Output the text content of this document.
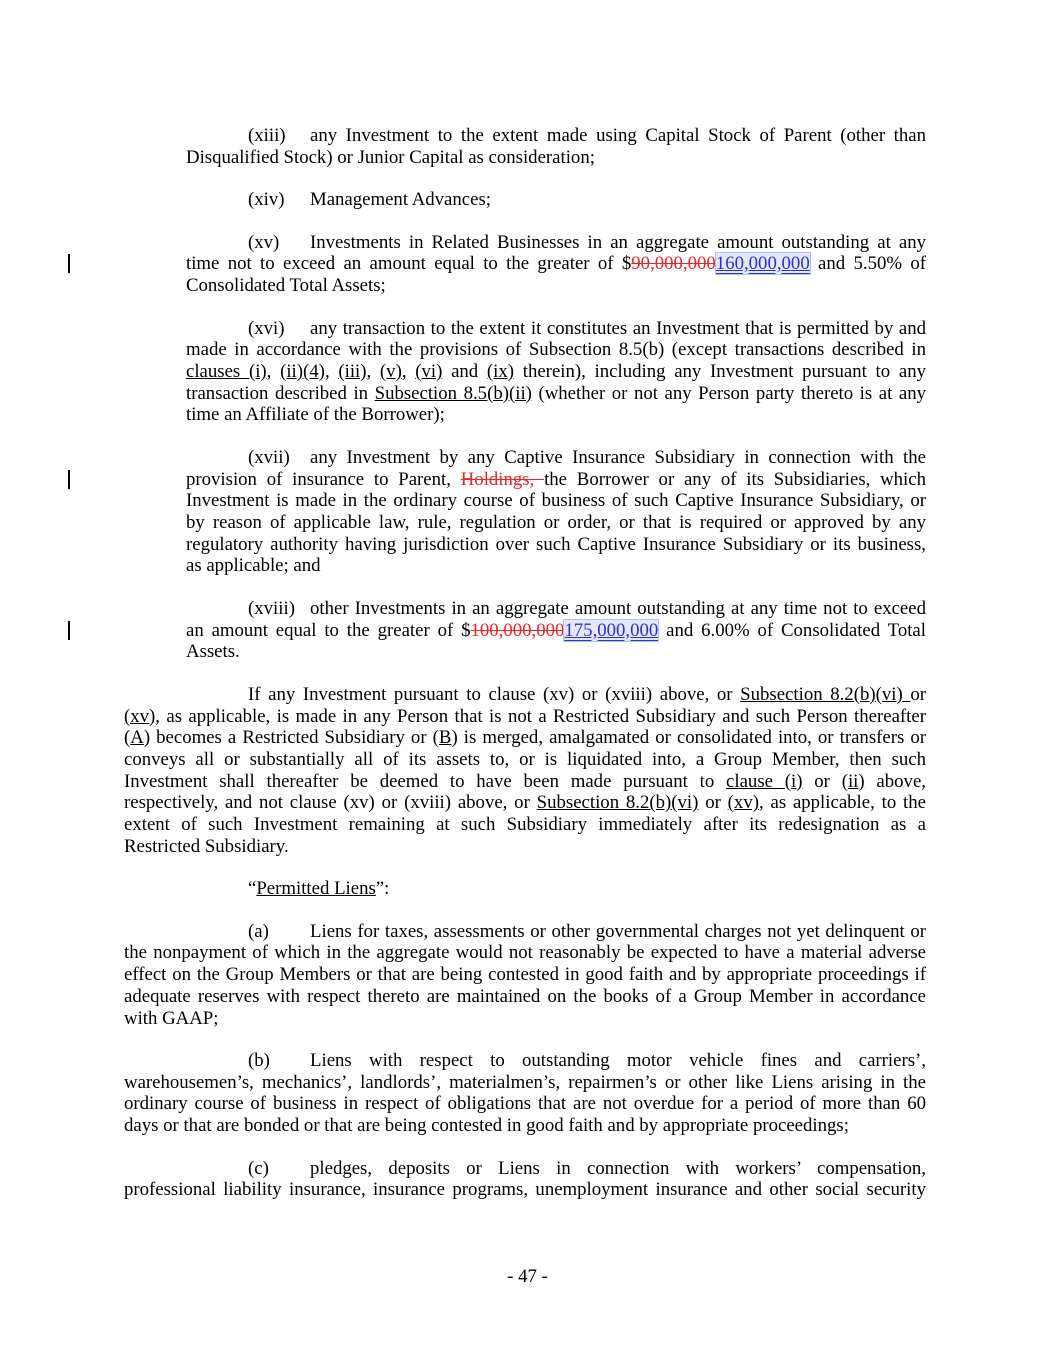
(xiii) any Investment to the extent made using Capital Stock of Parent (other than
Disqualified Stock) or Junior Capital as consideration;
(xiv) Management Advances;
(xv) Investments in Related Businesses in an aggregate amount outstanding at any
time not to exceed an amount equal to the greater of $90,000,000160,000,000 and 5.50% of
Consolidated Total Assets;
(xvi) any transaction to the extent it constitutes an Investment that is permitted by and
made in accordance with the provisions of Subsection 8.5(b) (except transactions described in
clauses (i), (ii)(4), (iii), (v), (vi) and (ix) therein), including any Investment pursuant to any
transaction described in Subsection 8.5(b)(ii) (whether or not any Person party thereto is at any
time an Affiliate of the Borrower);
(xvii) any Investment by any Captive Insurance Subsidiary in connection with the
provision of insurance to Parent, Holdings, the Borrower or any of its Subsidiaries, which
Investment is made in the ordinary course of business of such Captive Insurance Subsidiary, or
by reason of applicable law, rule, regulation or order, or that is required or approved by any
regulatory authority having jurisdiction over such Captive Insurance Subsidiary or its business,
as applicable; and
(xviii) other Investments in an aggregate amount outstanding at any time not to exceed
an amount equal to the greater of $100,000,000175,000,000 and 6.00% of Consolidated Total
Assets.
If any Investment pursuant to clause (xv) or (xviii) above, or Subsection 8.2(b)(vi) or
(xv), as applicable, is made in any Person that is not a Restricted Subsidiary and such Person thereafter
(A) becomes a Restricted Subsidiary or (B) is merged, amalgamated or consolidated into, or transfers or
conveys all or substantially all of its assets to, or is liquidated into, a Group Member, then such
Investment shall thereafter be deemed to have been made pursuant to clause (i) or (ii) above,
respectively, and not clause (xv) or (xviii) above, or Subsection 8.2(b)(vi) or (xv), as applicable, to the
extent of such Investment remaining at such Subsidiary immediately after its redesignation as a
Restricted Subsidiary.
“Permitted Liens”:
(a) Liens for taxes, assessments or other governmental charges not yet delinquent or
the nonpayment of which in the aggregate would not reasonably be expected to have a material adverse
effect on the Group Members or that are being contested in good faith and by appropriate proceedings if
adequate reserves with respect thereto are maintained on the books of a Group Member in accordance
with GAAP;
(b) Liens with respect to outstanding motor vehicle fines and carriers’,
warehousemen’s, mechanics’, landlords’, materialmen’s, repairmen’s or other like Liens arising in the
ordinary course of business in respect of obligations that are not overdue for a period of more than 60
days or that are bonded or that are being contested in good faith and by appropriate proceedings;
(c) pledges, deposits or Liens in connection with workers’ compensation,
professional liability insurance, insurance programs, unemployment insurance and other social security
- 47 -
